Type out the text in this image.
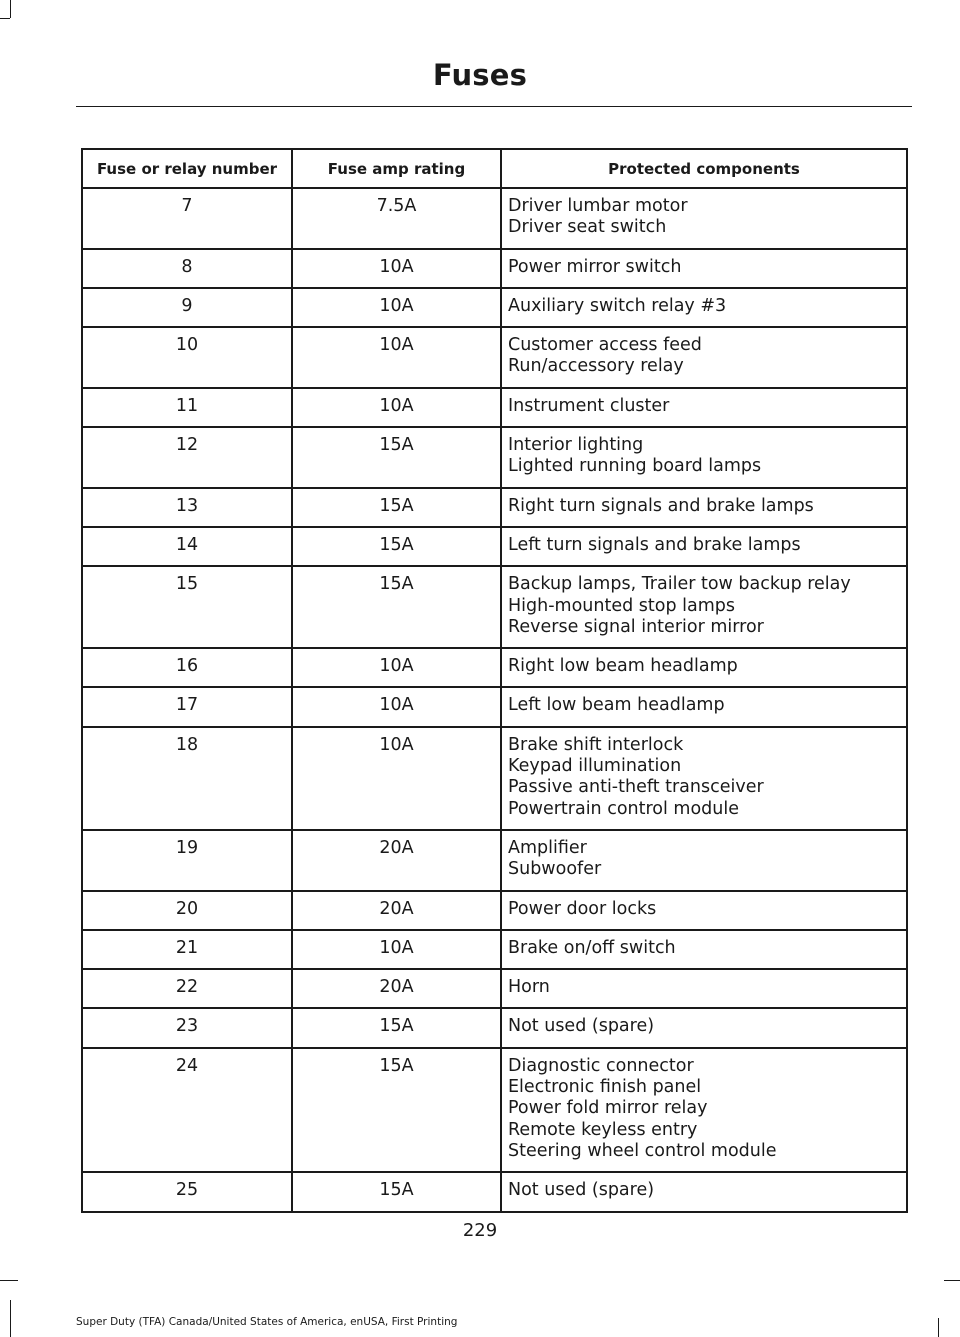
Fuses
Fuse or relay number	Fuse amp rating	Protected components
7	7.5A	Driver lumbar motor
Driver seat switch

8	10A	Power mirror switch

9	10A	Auxiliary switch relay #3

10	10A	Customer access feed
Run/accessory relay

11	10A	Instrument cluster

12	15A	Interior lighting
Lighted running board lamps

13	15A	Right turn signals and brake lamps

14	15A	Left turn signals and brake lamps

15	15A	Backup lamps, Trailer tow backup relay
High-mounted stop lamps
Reverse signal interior mirror

16	10A	Right low beam headlamp

17	10A	Left low beam headlamp

18	10A	Brake shift interlock
Keypad illumination
Passive anti-theft transceiver
Powertrain control module

19	20A	Amplifier
Subwoofer

20	20A	Power door locks

21	10A	Brake on/off switch

22	20A	Horn

23	15A	Not used (spare)

24	15A	Diagnostic connector
Electronic finish panel
Power fold mirror relay
Remote keyless entry
Steering wheel control module

25	15A	Not used (spare)
229
Super Duty (TFA) Canada/United States of America, enUSA, First Printing
